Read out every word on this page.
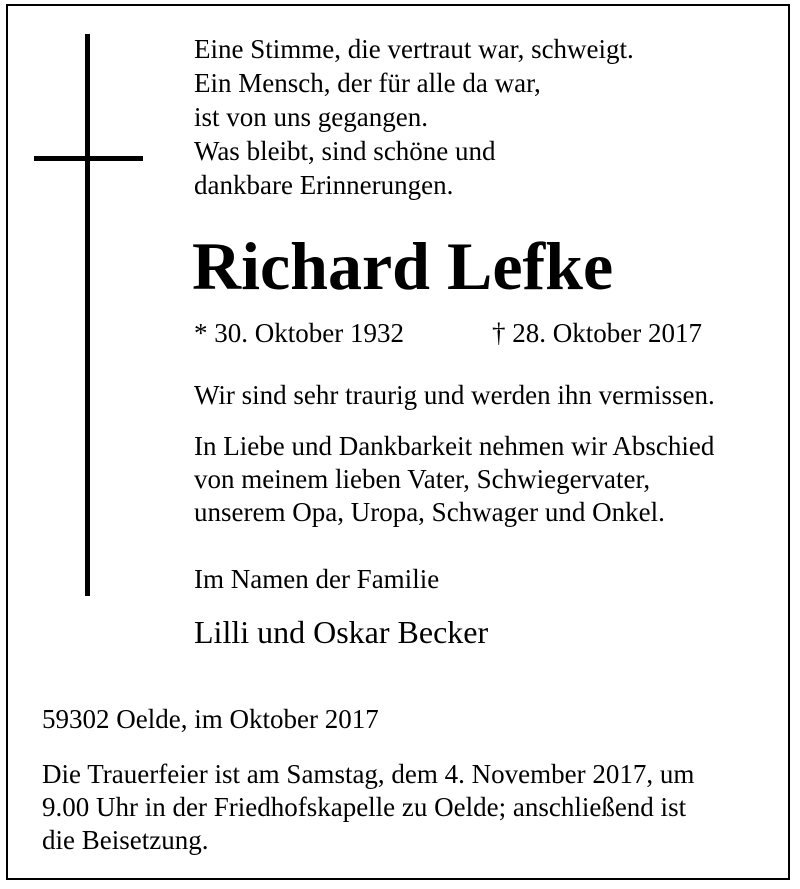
Eine Stimme, die vertraut war, schweigt.
Ein Mensch, der für alle da war,
ist von uns gegangen.
Was bleibt, sind schöne und
dankbare Erinnerungen.

Richard Lefke

* 30. Oktober 1932	† 28. Oktober 2017

Wir sind sehr traurig und werden ihn vermissen.

In Liebe und Dankbarkeit nehmen wir Abschied
von meinem lieben Vater, Schwiegervater,
unserem Opa, Uropa, Schwager und Onkel.

Im Namen der Familie

Lilli und Oskar Becker

59302 Oelde, im Oktober 2017

Die Trauerfeier ist am Samstag, dem 4. November 2017, um
9.00 Uhr in der Friedhofskapelle zu Oelde; anschließend ist
die Beisetzung.
